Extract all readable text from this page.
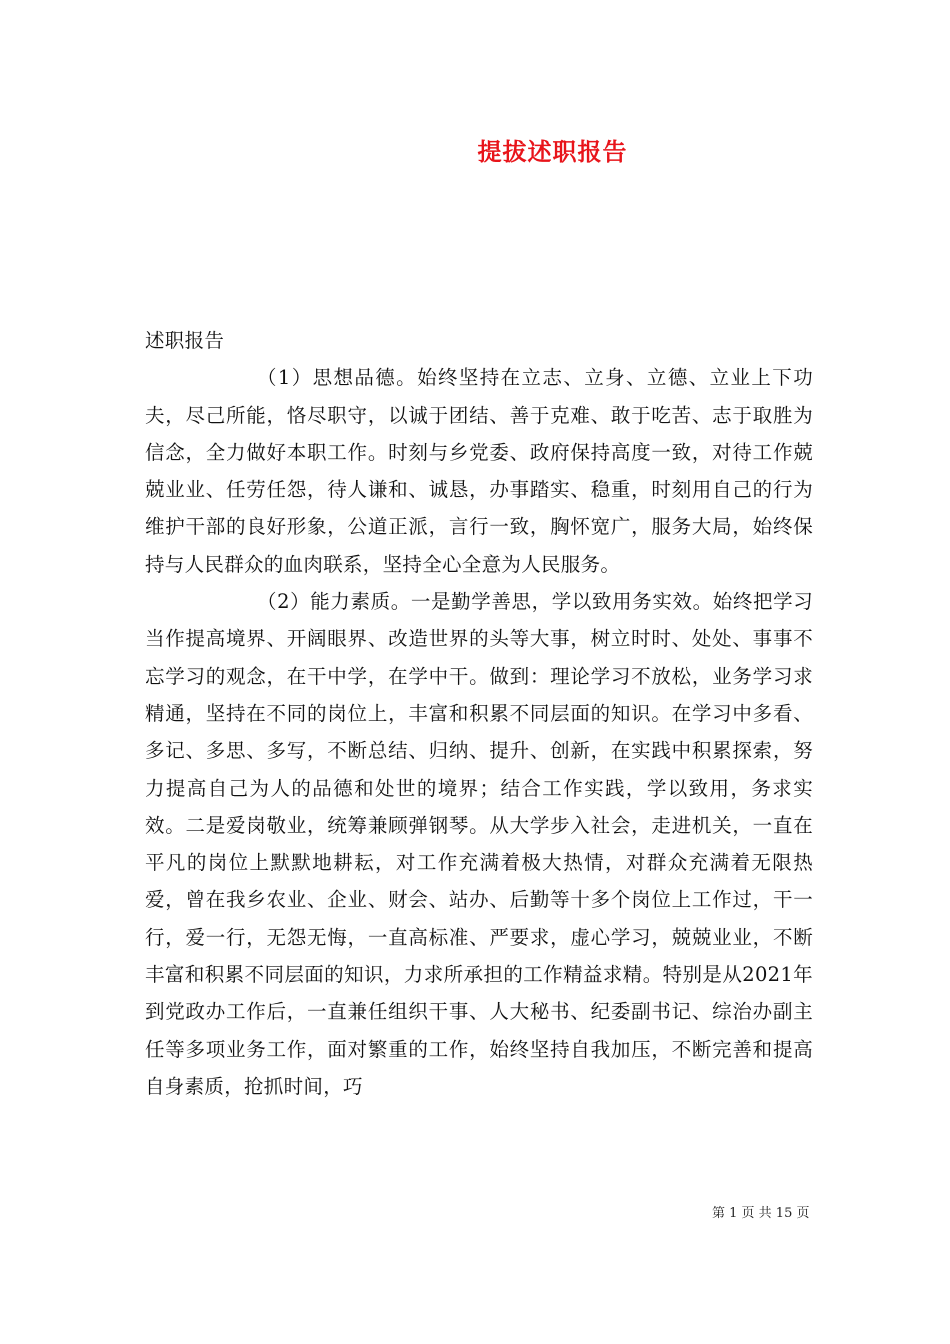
提拔述职报告

述职报告

（1）思想品德。始终坚持在立志、立身、立德、立业上下功夫，尽己所能，恪尽职守，以诚于团结、善于克难、敢于吃苦、志于取胜为信念，全力做好本职工作。时刻与乡党委、政府保持高度一致，对待工作兢兢业业、任劳任怨，待人谦和、诚恳，办事踏实、稳重，时刻用自己的行为维护干部的良好形象，公道正派，言行一致，胸怀宽广，服务大局，始终保持与人民群众的血肉联系，坚持全心全意为人民服务。

（2）能力素质。一是勤学善思，学以致用务实效。始终把学习当作提高境界、开阔眼界、改造世界的头等大事，树立时时、处处、事事不忘学习的观念，在干中学，在学中干。做到：理论学习不放松，业务学习求精通，坚持在不同的岗位上，丰富和积累不同层面的知识。在学习中多看、多记、多思、多写，不断总结、归纳、提升、创新，在实践中积累探索，努力提高自己为人的品德和处世的境界；结合工作实践，学以致用，务求实效。二是爱岗敬业，统筹兼顾弹钢琴。从大学步入社会，走进机关，一直在平凡的岗位上默默地耕耘，对工作充满着极大热情，对群众充满着无限热爱，曾在我乡农业、企业、财会、站办、后勤等十多个岗位上工作过，干一行，爱一行，无怨无悔，一直高标准、严要求，虚心学习，兢兢业业，不断丰富和积累不同层面的知识，力求所承担的工作精益求精。特别是从2021年到党政办工作后，一直兼任组织干事、人大秘书、纪委副书记、综治办副主任等多项业务工作，面对繁重的工作，始终坚持自我加压，不断完善和提高自身素质，抢抓时间，巧

第 1 页 共 15 页
